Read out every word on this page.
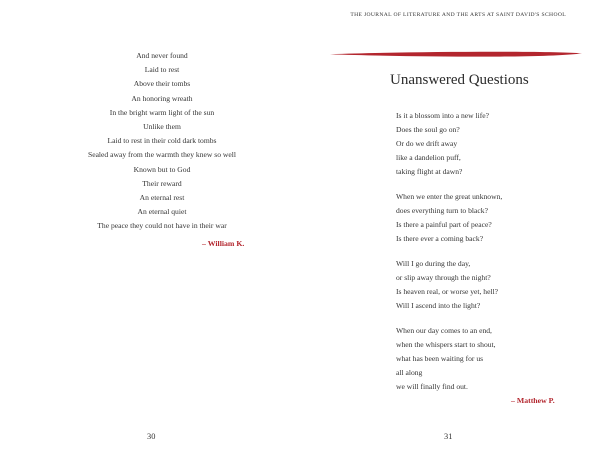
And never found
Laid to rest
Above their tombs
An honoring wreath
In the bright warm light of the sun
Unlike them
Laid to rest in their cold dark tombs
Sealed away from the warmth they knew so well
Known but to God
Their reward
An eternal rest
An eternal quiet
The peace they could not have in their war
– William K.
30
THE JOURNAL OF LITERATURE AND THE ARTS AT SAINT DAVID'S SCHOOL
Unanswered Questions
Is it a blossom into a new life?
Does the soul go on?
Or do we drift away
like a dandelion puff,
taking flight at dawn?
When we enter the great unknown,
does everything turn to black?
Is there a painful part of peace?
Is there ever a coming back?
Will I go during the day,
or slip away through the night?
Is heaven real, or worse yet, hell?
Will I ascend into the light?
When our day comes to an end,
when the whispers start to shout,
what has been waiting for us
all along
we will finally find out.
– Matthew P.
31
